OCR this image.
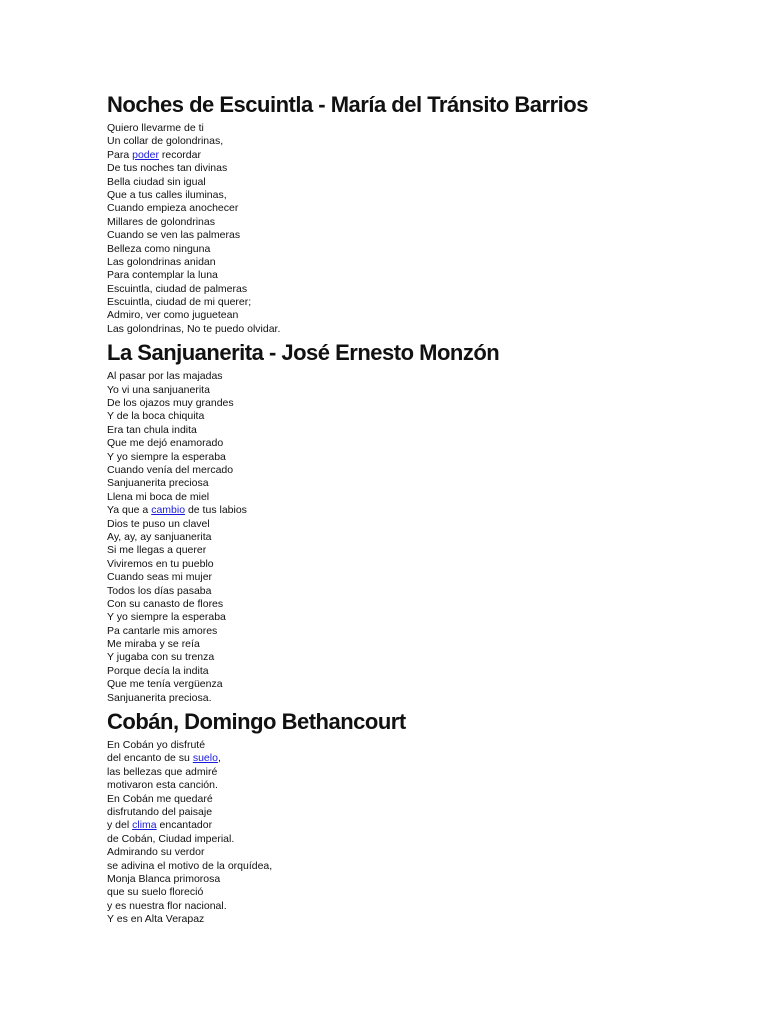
Noches de Escuintla - María del Tránsito Barrios
Quiero llevarme de ti
Un collar de golondrinas,
Para poder recordar
De tus noches tan divinas
Bella ciudad sin igual
Que a tus calles iluminas,
Cuando empieza anochecer
Millares de golondrinas
Cuando se ven las palmeras
Belleza como ninguna
Las golondrinas anidan
Para contemplar la luna
Escuintla, ciudad de palmeras
Escuintla, ciudad de mi querer;
Admiro, ver como juguetean
Las golondrinas, No te puedo olvidar.
La Sanjuanerita - José Ernesto Monzón
Al pasar por las majadas
Yo vi una sanjuanerita
De los ojazos muy grandes
Y de la boca chiquita
Era tan chula indita
Que me dejó enamorado
Y yo siempre la esperaba
Cuando venía del mercado
Sanjuanerita preciosa
Llena mi boca de miel
Ya que a cambio de tus labios
Dios te puso un clavel
Ay, ay, ay sanjuanerita
Si me llegas a querer
Viviremos en tu pueblo
Cuando seas mi mujer
Todos los días pasaba
Con su canasto de flores
Y yo siempre la esperaba
Pa cantarle mis amores
Me miraba y se reía
Y jugaba con su trenza
Porque decía la indita
Que me tenía vergüenza
Sanjuanerita preciosa.
Cobán, Domingo Bethancourt
En Cobán yo disfruté
del encanto de su suelo,
las bellezas que admiré
motivaron esta canción.
En Cobán me quedaré
disfrutando del paisaje
y del clima encantador
de Cobán, Ciudad imperial.
Admirando su verdor
se adivina el motivo de la orquídea,
Monja Blanca primorosa
que su suelo floreció
y es nuestra flor nacional.
Y es en Alta Verapaz
